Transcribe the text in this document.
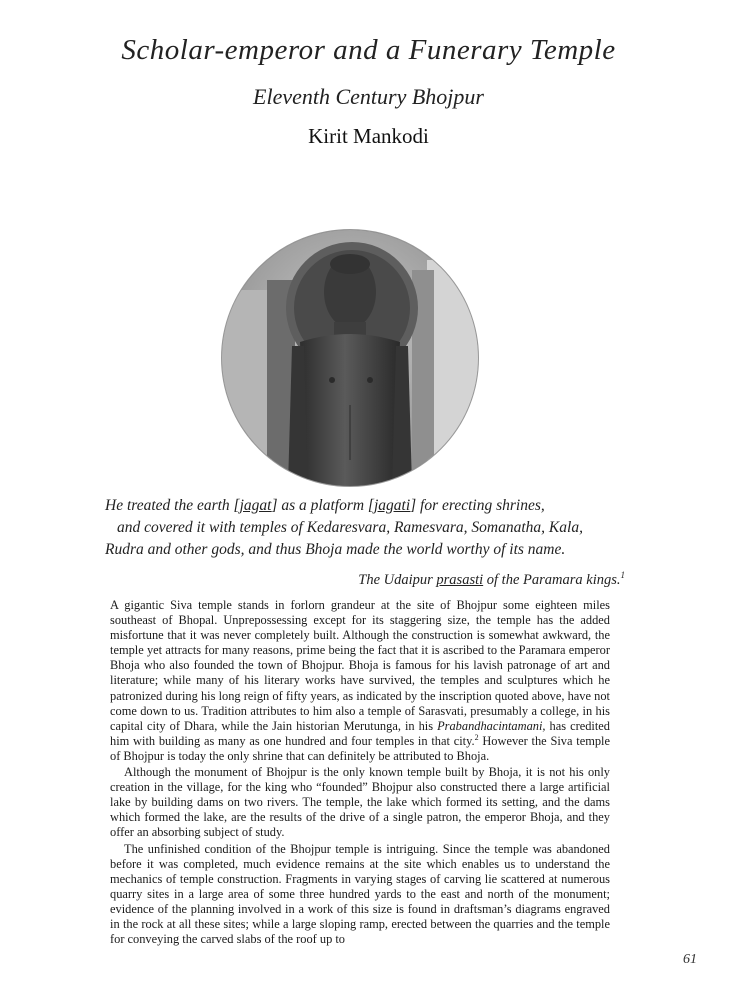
Scholar-emperor and a Funerary Temple
Eleventh Century Bhojpur
Kirit Mankodi
He treated the earth [jagat] as a platform [jagati] for erecting shrines,
and covered it with temples of Kedaresvara, Ramesvara, Somanatha, Kala,
Rudra and other gods, and thus Bhoja made the world worthy of its name.
The Udaipur prasasti of the Paramara kings.$^1$

A gigantic Siva temple stands in forlorn grandeur at the site of Bhojpur some eighteen miles southeast of Bhopal. Unprepossessing except for its staggering size, the temple has the added misfortune that it was never completely built. Although the construction is somewhat awkward, the temple yet attracts for many reasons, prime being the fact that it is ascribed to the Paramara emperor Bhoja who also founded the town of Bhojpur. Bhoja is famous for his lavish patronage of art and literature; while many of his literary works have survived, the temples and sculptures which he patronized during his long reign of fifty years, as indicated by the inscription quoted above, have not come down to us. Tradition attributes to him also a temple of Sarasvati, presumably a college, in his capital city of Dhara, while the Jain historian Merutunga, in his Prabandhacintamani, has credited him with building as many as one hundred and four temples in that city.$^2$ However the Siva temple of Bhojpur is today the only shrine that can definitely be attributed to Bhoja.

Although the monument of Bhojpur is the only known temple built by Bhoja, it is not his only creation in the village, for the king who “founded” Bhojpur also constructed there a large artificial lake by building dams on two rivers. The temple, the lake which formed its setting, and the dams which formed the lake, are the results of the drive of a single patron, the emperor Bhoja, and they offer an absorbing subject of study.

The unfinished condition of the Bhojpur temple is intriguing. Since the temple was abandoned before it was completed, much evidence remains at the site which enables us to understand the mechanics of temple construction. Fragments in varying stages of carving lie scattered at numerous quarry sites in a large area of some three hundred yards to the east and north of the monument; evidence of the planning involved in a work of this size is found in draftsman’s diagrams engraved in the rock at all these sites; while a large sloping ramp, erected between the quarries and the temple for conveying the carved slabs of the roof up to

61
